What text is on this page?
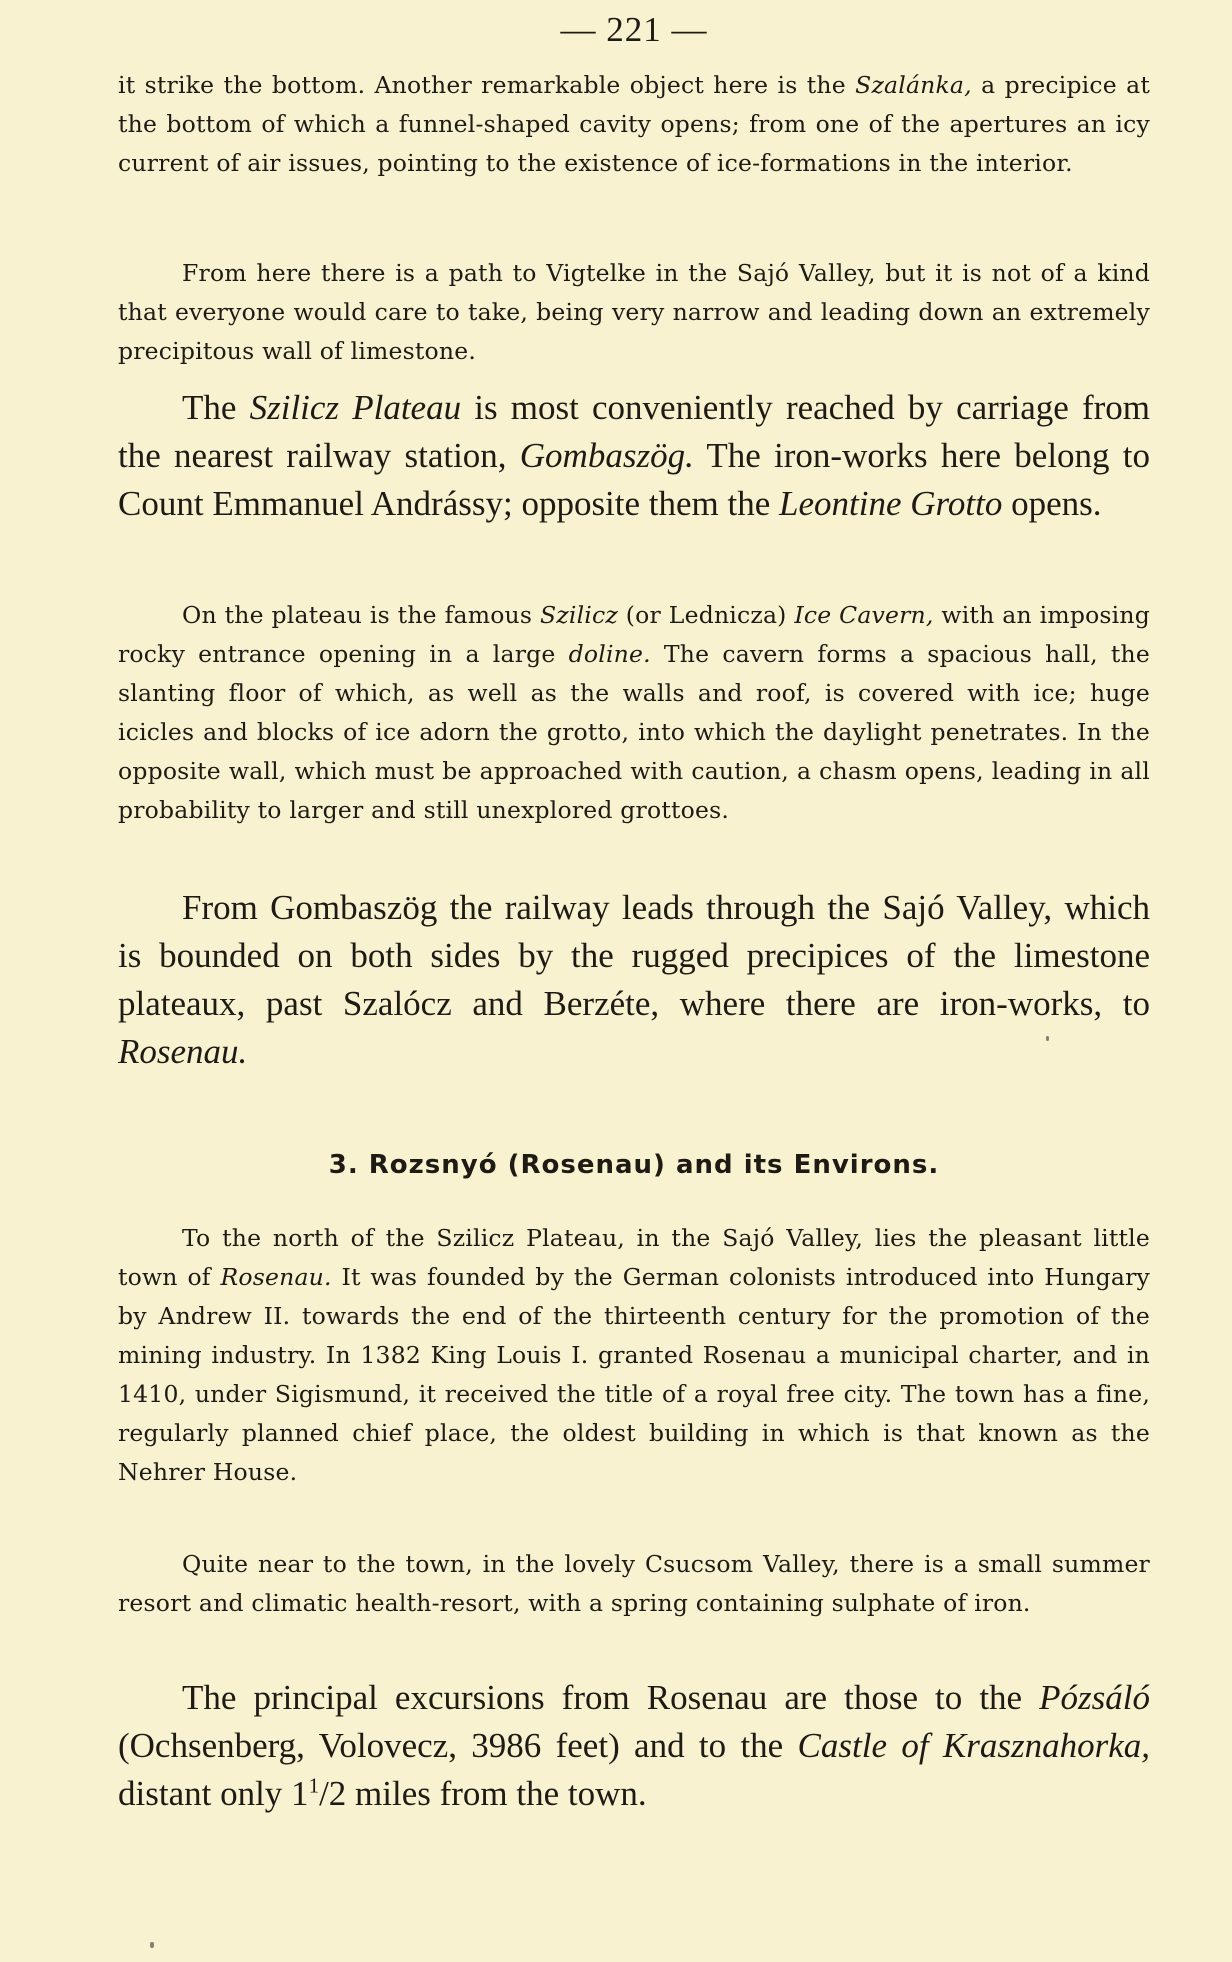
— 221 —

it strike the bottom. Another remarkable object here is the Szalánka, a precipice at the bottom of which a funnel-shaped cavity opens; from one of the apertures an icy current of air issues, pointing to the existence of ice-formations in the interior.

From here there is a path to Vigtelke in the Sajó Valley, but it is not of a kind that everyone would care to take, being very narrow and leading down an extremely precipitous wall of limestone.

The Szilicz Plateau is most conveniently reached by carriage from the nearest railway station, Gombaszög. The iron-works here belong to Count Emmanuel Andrássy; opposite them the Leontine Grotto opens.

On the plateau is the famous Szilicz (or Lednicza) Ice Cavern, with an imposing rocky entrance opening in a large doline. The cavern forms a spacious hall, the slanting floor of which, as well as the walls and roof, is covered with ice; huge icicles and blocks of ice adorn the grotto, into which the daylight penetrates. In the opposite wall, which must be approached with caution, a chasm opens, leading in all probability to larger and still unexplored grottoes.

From Gombaszög the railway leads through the Sajó Valley, which is bounded on both sides by the rugged precipices of the limestone plateaux, past Szalócz and Berzéte, where there are iron-works, to Rosenau.

3. Rozsnyó (Rosenau) and its Environs.

To the north of the Szilicz Plateau, in the Sajó Valley, lies the pleasant little town of Rosenau. It was founded by the German colonists introduced into Hungary by Andrew II. towards the end of the thirteenth century for the promotion of the mining industry. In 1382 King Louis I. granted Rosenau a municipal charter, and in 1410, under Sigismund, it received the title of a royal free city. The town has a fine, regularly planned chief place, the oldest building in which is that known as the Nehrer House.

Quite near to the town, in the lovely Csucsom Valley, there is a small summer resort and climatic health-resort, with a spring containing sulphate of iron.

The principal excursions from Rosenau are those to the Pózsáló (Ochsenberg, Volovecz, 3986 feet) and to the Castle of Krasznahorka, distant only $1^1/2$ miles from the town.
